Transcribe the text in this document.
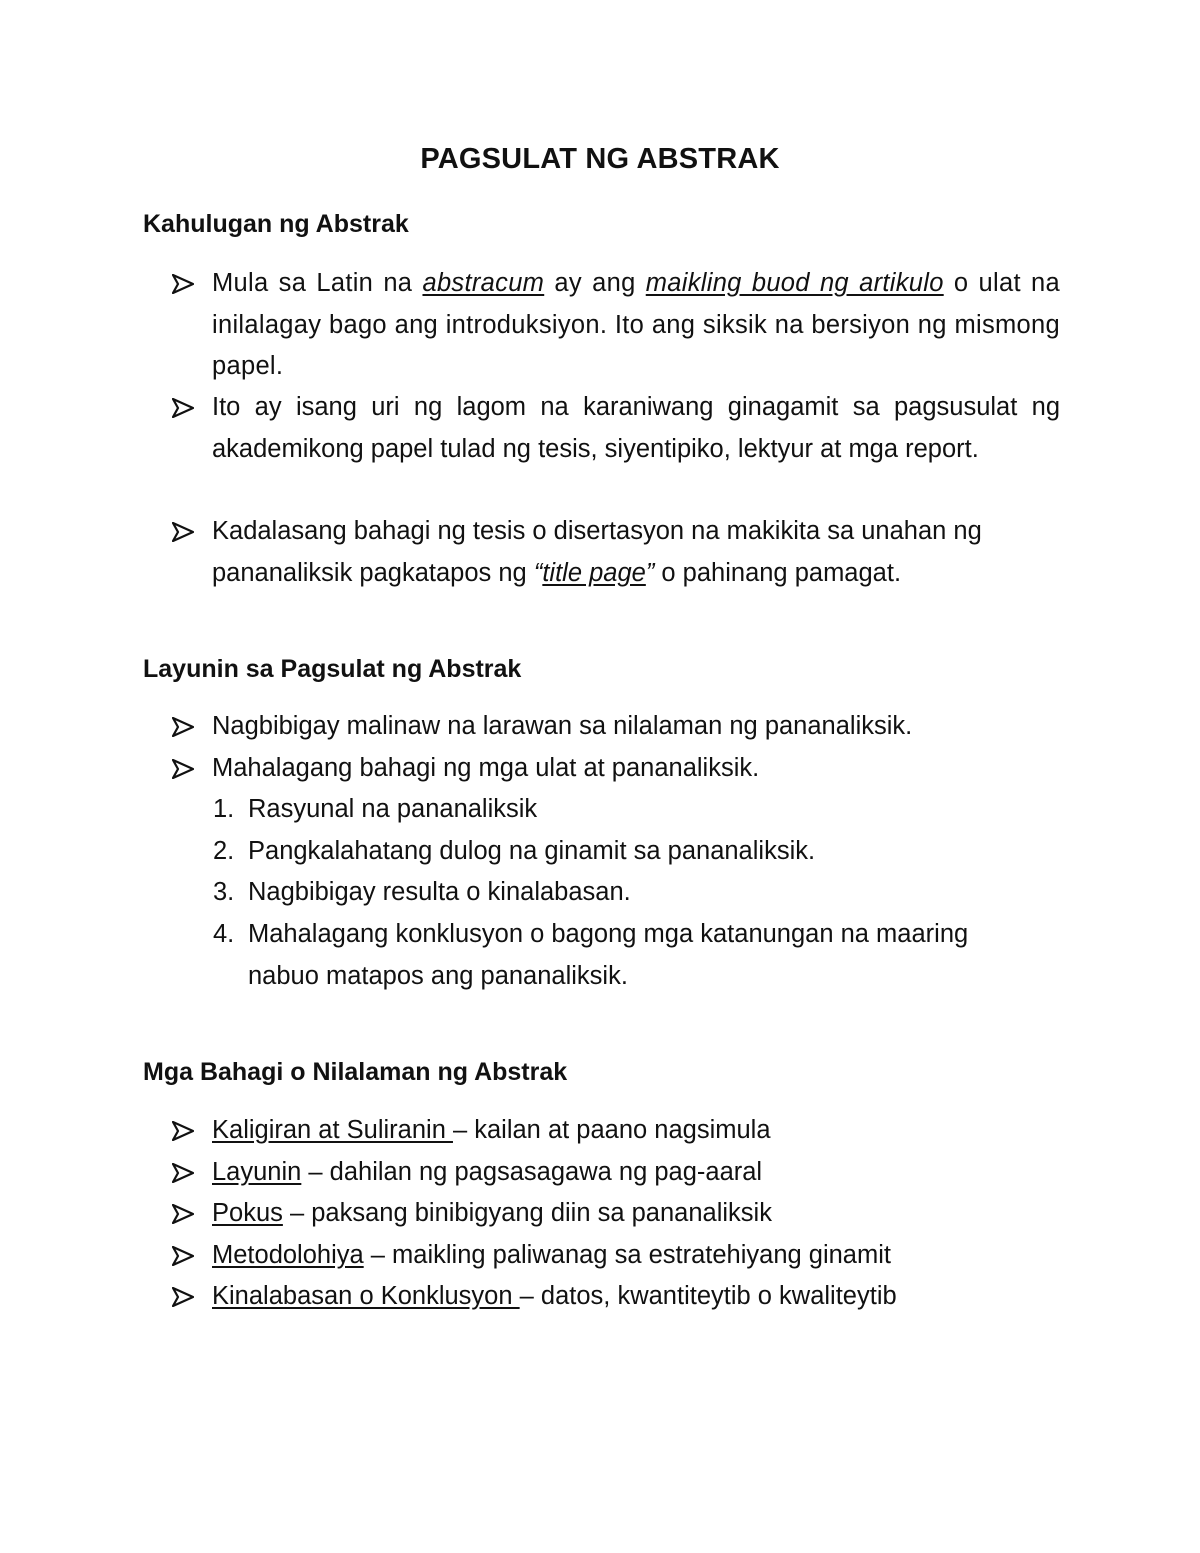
PAGSULAT NG ABSTRAK
Kahulugan ng Abstrak
Mula sa Latin na abstracum ay ang maikling buod ng artikulo o ulat na inilalagay bago ang introduksiyon. Ito ang siksik na bersiyon ng mismong papel.
Ito ay isang uri ng lagom na karaniwang ginagamit sa pagsusulat ng akademikong papel tulad ng tesis, siyentipiko, lektyur at mga report.
Kadalasang bahagi ng tesis o disertasyon na makikita sa unahan ng pananaliksik pagkatapos ng “title page” o pahinang pamagat.
Layunin sa Pagsulat ng Abstrak
Nagbibigay malinaw na larawan sa nilalaman ng pananaliksik.
Mahalagang bahagi ng mga ulat at pananaliksik.
1. Rasyunal na pananaliksik
2. Pangkalahatang dulog na ginamit sa pananaliksik.
3. Nagbibigay resulta o kinalabasan.
4. Mahalagang konklusyon o bagong mga katanungan na maaring nabuo matapos ang pananaliksik.
Mga Bahagi o Nilalaman ng Abstrak
Kaligiran at Suliranin – kailan at paano nagsimula
Layunin – dahilan ng pagsasagawa ng pag-aaral
Pokus – paksang binibigyang diin sa pananaliksik
Metodolohiya – maikling paliwanag sa estratehiyang ginamit
Kinalabasan o Konklusyon – datos, kwantiteytib o kwaliteytib
